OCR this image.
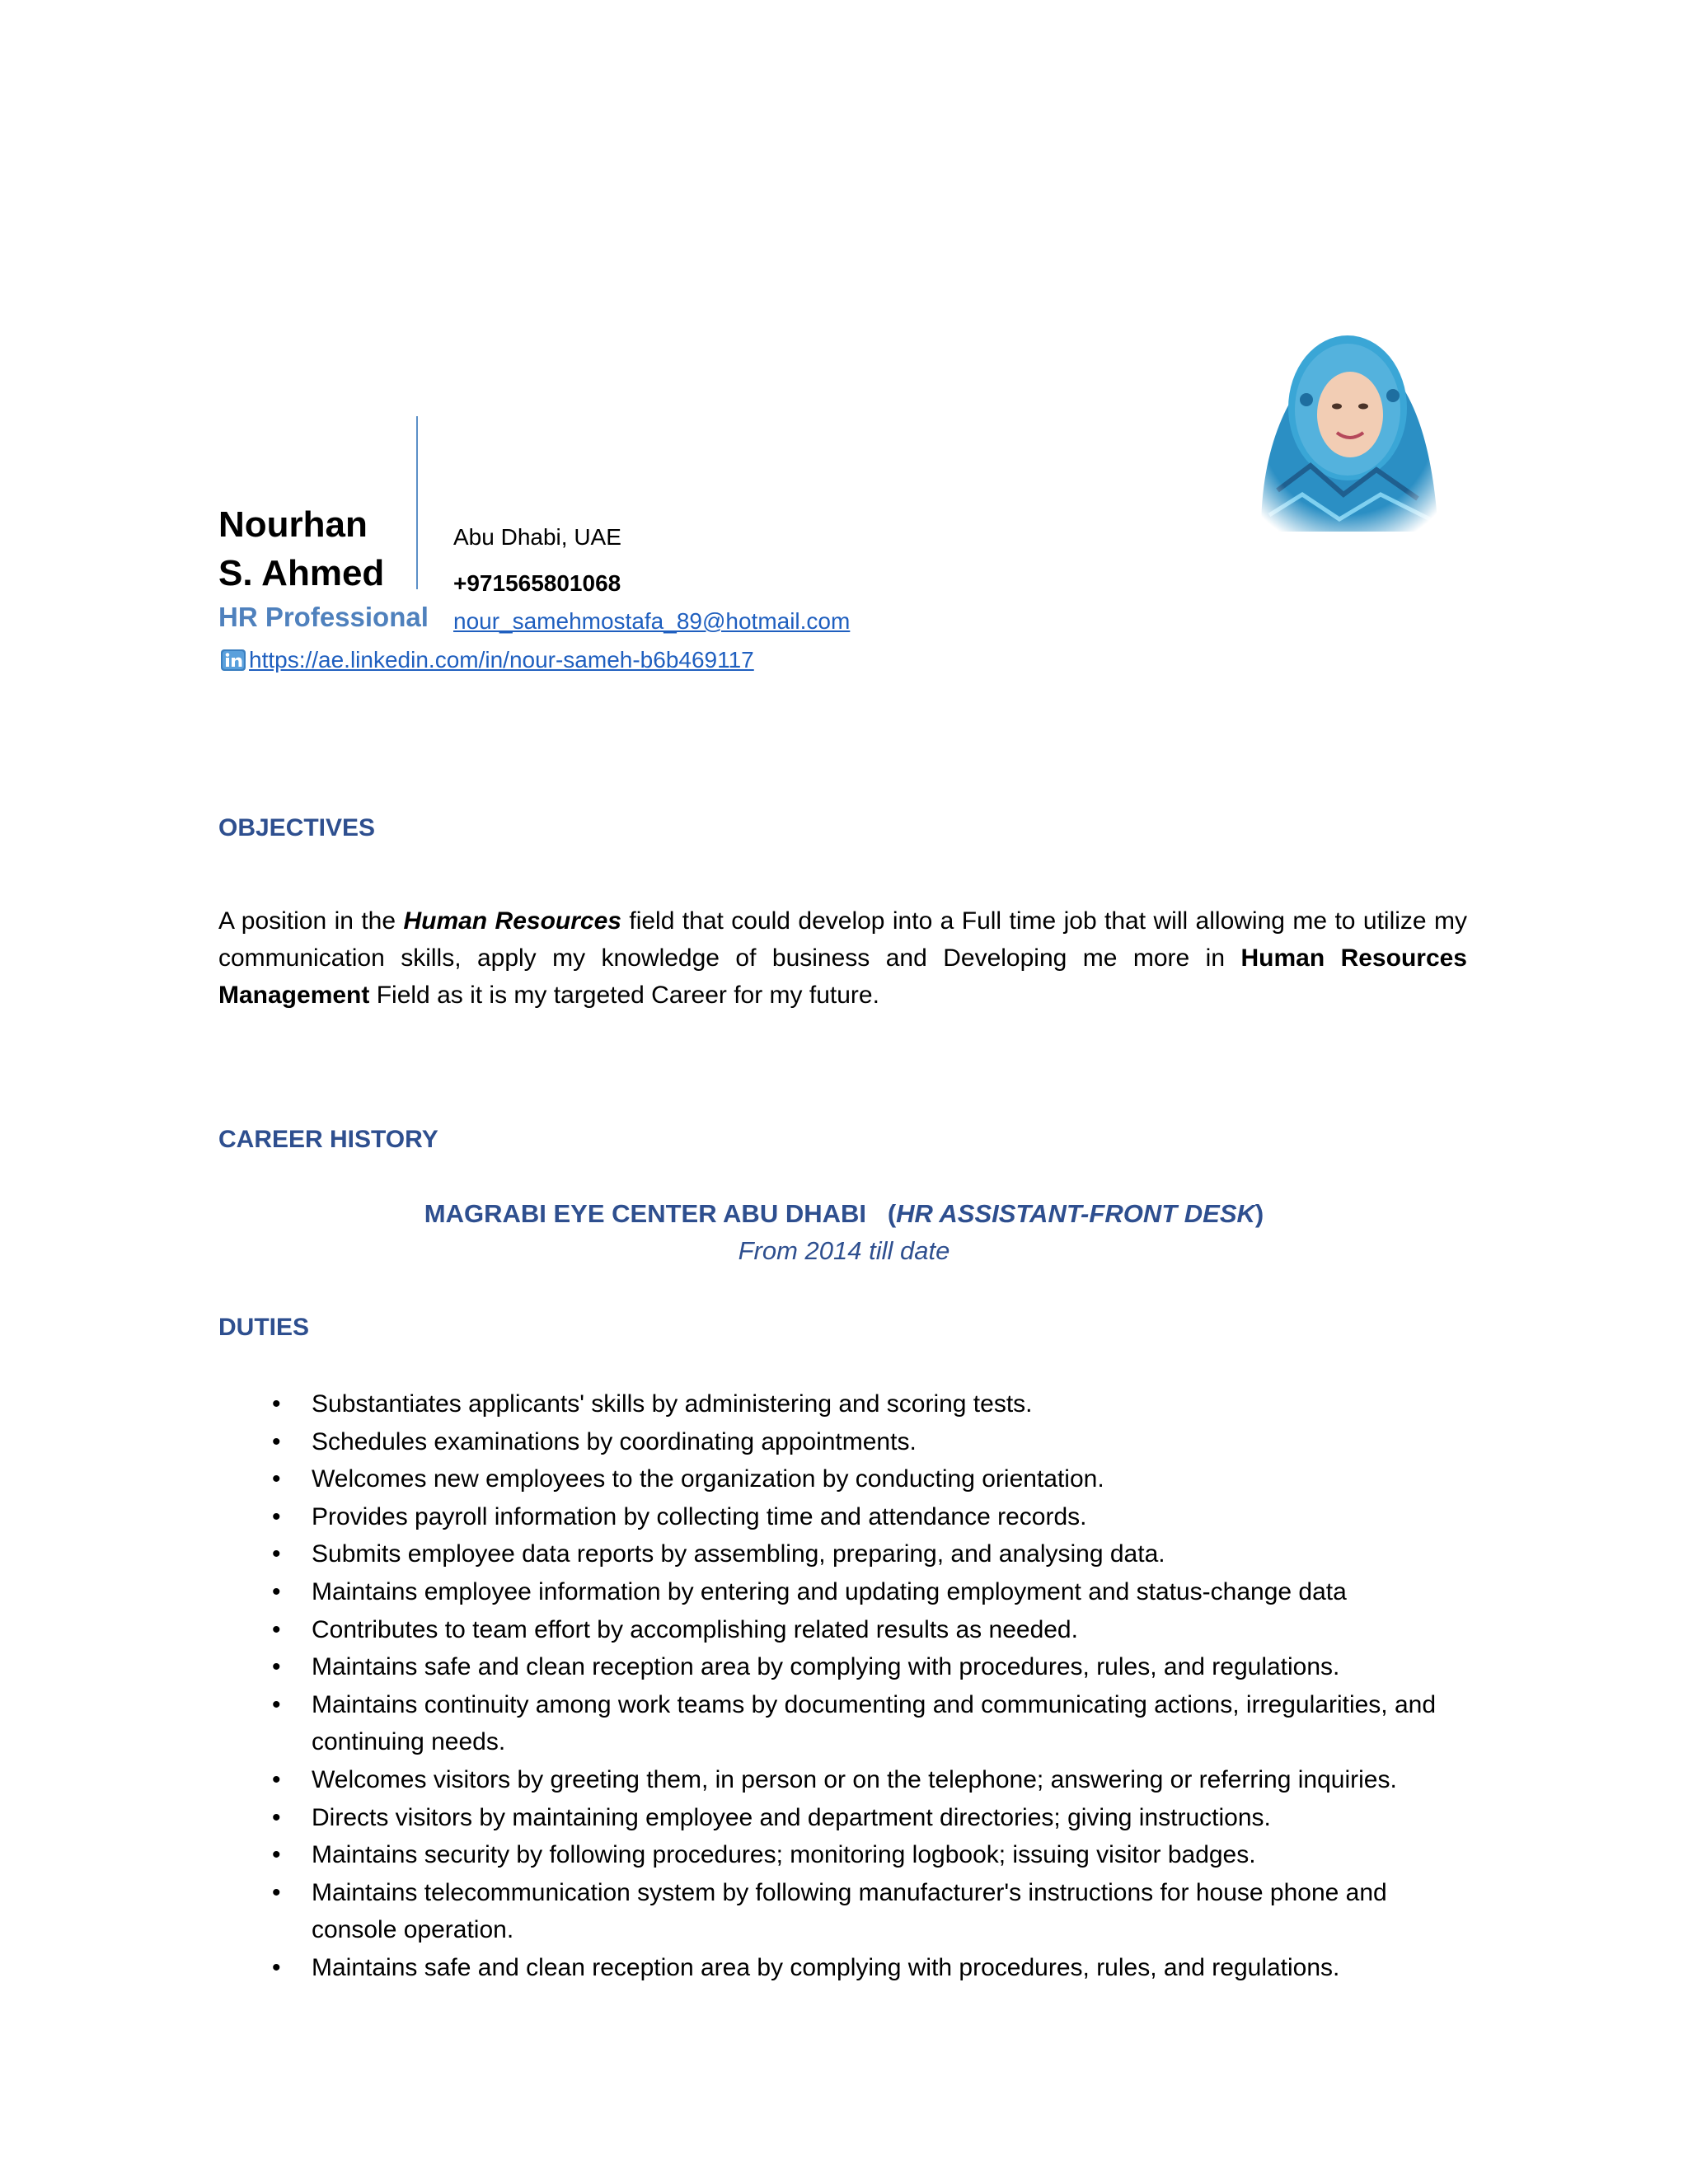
Nourhan
S. Ahmed
HR Professional
Abu Dhabi, UAE
+971565801068
nour_samehmostafa_89@hotmail.com
https://ae.linkedin.com/in/nour-sameh-b6b469117
OBJECTIVES
A position in the Human Resources field that could develop into a Full time job that will allowing me to utilize my communication skills, apply my knowledge of business and Developing me more in Human Resources Management Field as it is my targeted Career for my future.
CAREER HISTORY
MAGRABI EYE CENTER ABU DHABI (HR ASSISTANT-FRONT DESK)
From 2014 till date
DUTIES
• Substantiates applicants' skills by administering and scoring tests.
• Schedules examinations by coordinating appointments.
• Welcomes new employees to the organization by conducting orientation.
• Provides payroll information by collecting time and attendance records.
• Submits employee data reports by assembling, preparing, and analysing data.
• Maintains employee information by entering and updating employment and status-change data
• Contributes to team effort by accomplishing related results as needed.
• Maintains safe and clean reception area by complying with procedures, rules, and regulations.
• Maintains continuity among work teams by documenting and communicating actions, irregularities, and continuing needs.
• Welcomes visitors by greeting them, in person or on the telephone; answering or referring inquiries.
• Directs visitors by maintaining employee and department directories; giving instructions.
• Maintains security by following procedures; monitoring logbook; issuing visitor badges.
• Maintains telecommunication system by following manufacturer's instructions for house phone and console operation.
• Maintains safe and clean reception area by complying with procedures, rules, and regulations.
